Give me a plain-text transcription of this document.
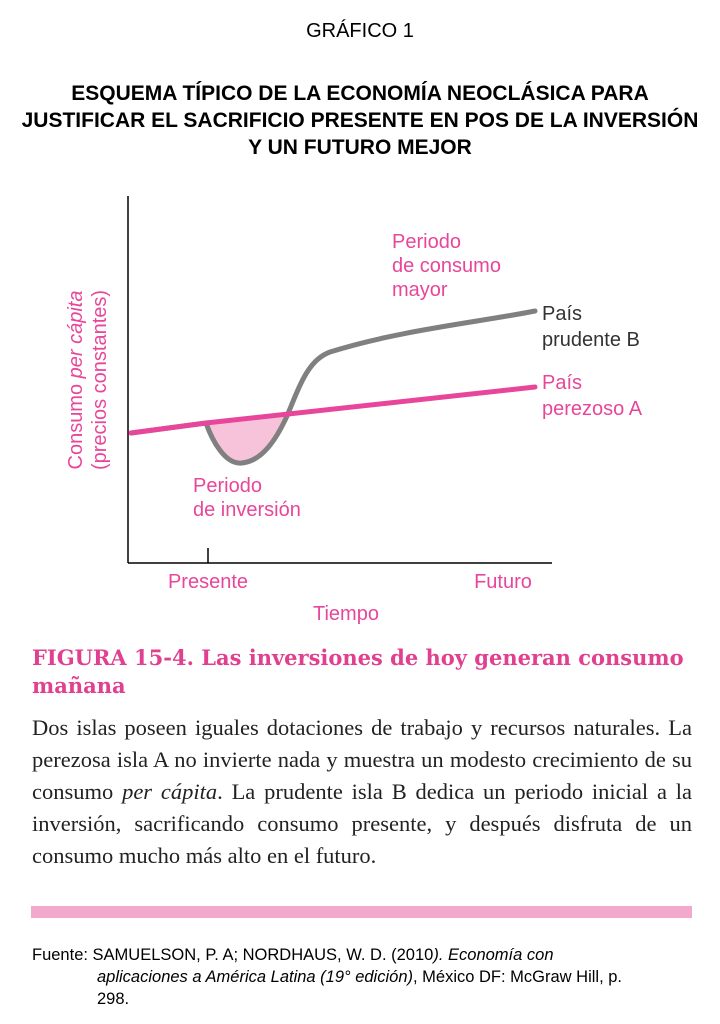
GRÁFICO 1
ESQUEMA TÍPICO DE LA ECONOMÍA NEOCLÁSICA PARA JUSTIFICAR EL SACRIFICIO PRESENTE EN POS DE LA INVERSIÓN Y UN FUTURO MEJOR
Consumo per cápita (precios constantes)
Presente	Futuro
Tiempo
País
prudente B
País
perezoso A
Periodo
de consumo
mayor
Periodo
de inversión
FIGURA 15-4. Las inversiones de hoy generan consumo mañana
Dos islas poseen iguales dotaciones de trabajo y recursos naturales. La perezosa isla A no invierte nada y muestra un modesto crecimiento de su consumo per cápita. La prudente isla B dedica un periodo inicial a la inversión, sacrificando consumo presente, y después disfruta de un consumo mucho más alto en el futuro.
Fuente: SAMUELSON, P. A; NORDHAUS, W. D. (2010). Economía con
aplicaciones a América Latina (19° edición), México DF: McGraw Hill, p.
298.
